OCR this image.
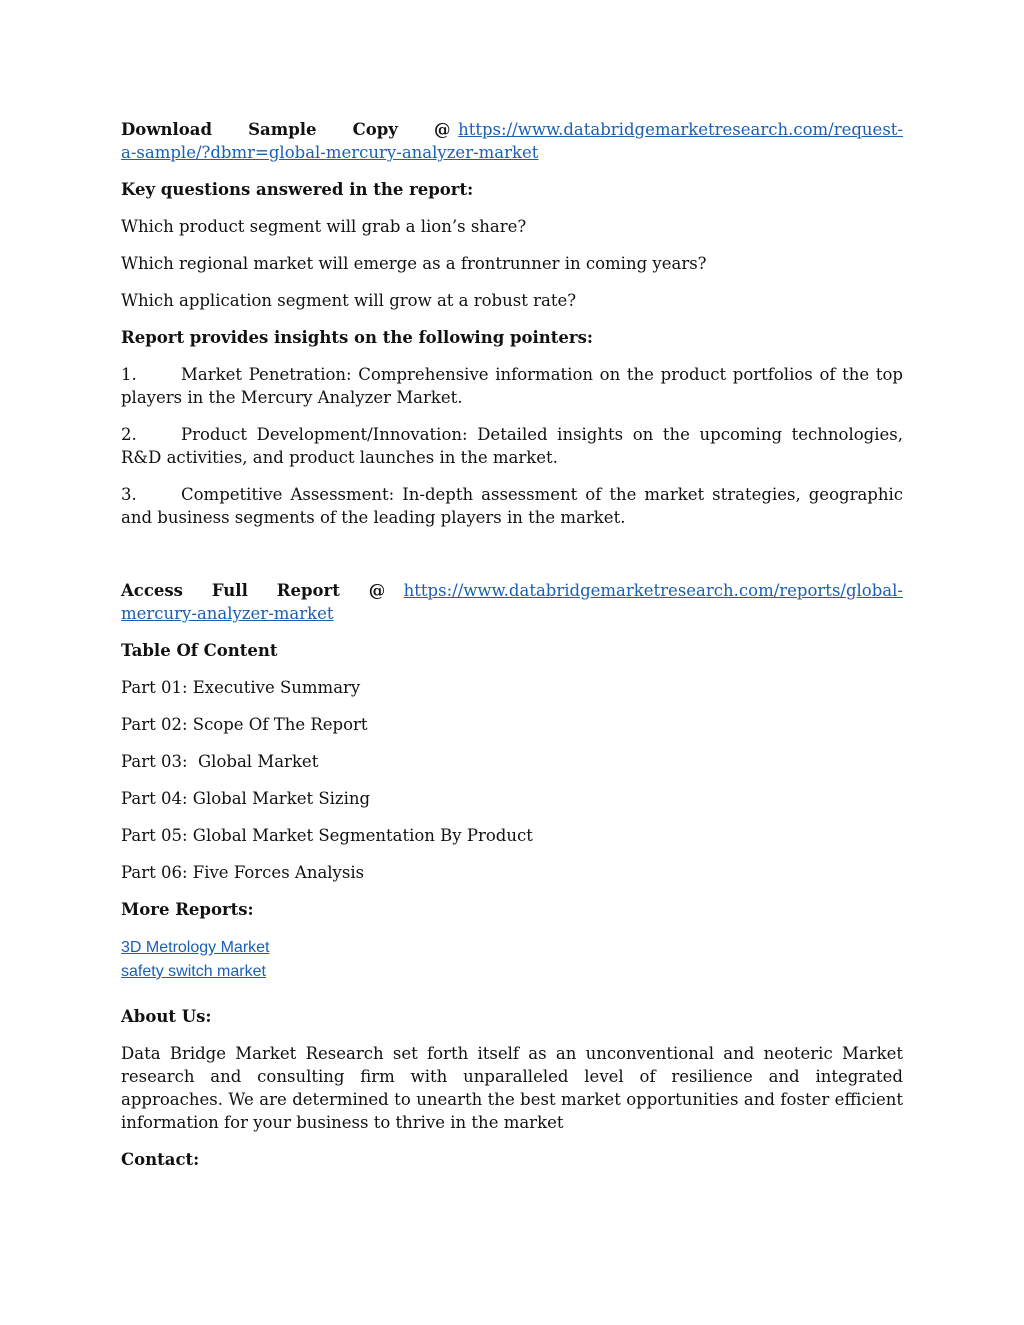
Download Sample Copy @ https://www.databridgemarketresearch.com/request-a-sample/?dbmr=global-mercury-analyzer-market

Key questions answered in the report:

Which product segment will grab a lion’s share?

Which regional market will emerge as a frontrunner in coming years?

Which application segment will grow at a robust rate?

Report provides insights on the following pointers:

1.	Market Penetration: Comprehensive information on the product portfolios of the top players in the Mercury Analyzer Market.

2.	Product Development/Innovation: Detailed insights on the upcoming technologies, R&D activities, and product launches in the market.

3.	Competitive Assessment: In-depth assessment of the market strategies, geographic and business segments of the leading players in the market.

Access Full Report @ https://www.databridgemarketresearch.com/reports/global-mercury-analyzer-market

Table Of Content

Part 01: Executive Summary

Part 02: Scope Of The Report

Part 03:  Global Market

Part 04: Global Market Sizing

Part 05: Global Market Segmentation By Product

Part 06: Five Forces Analysis

More Reports:

3D Metrology Market

safety switch market

About Us:

Data Bridge Market Research set forth itself as an unconventional and neoteric Market research and consulting firm with unparalleled level of resilience and integrated approaches. We are determined to unearth the best market opportunities and foster efficient information for your business to thrive in the market

Contact:
